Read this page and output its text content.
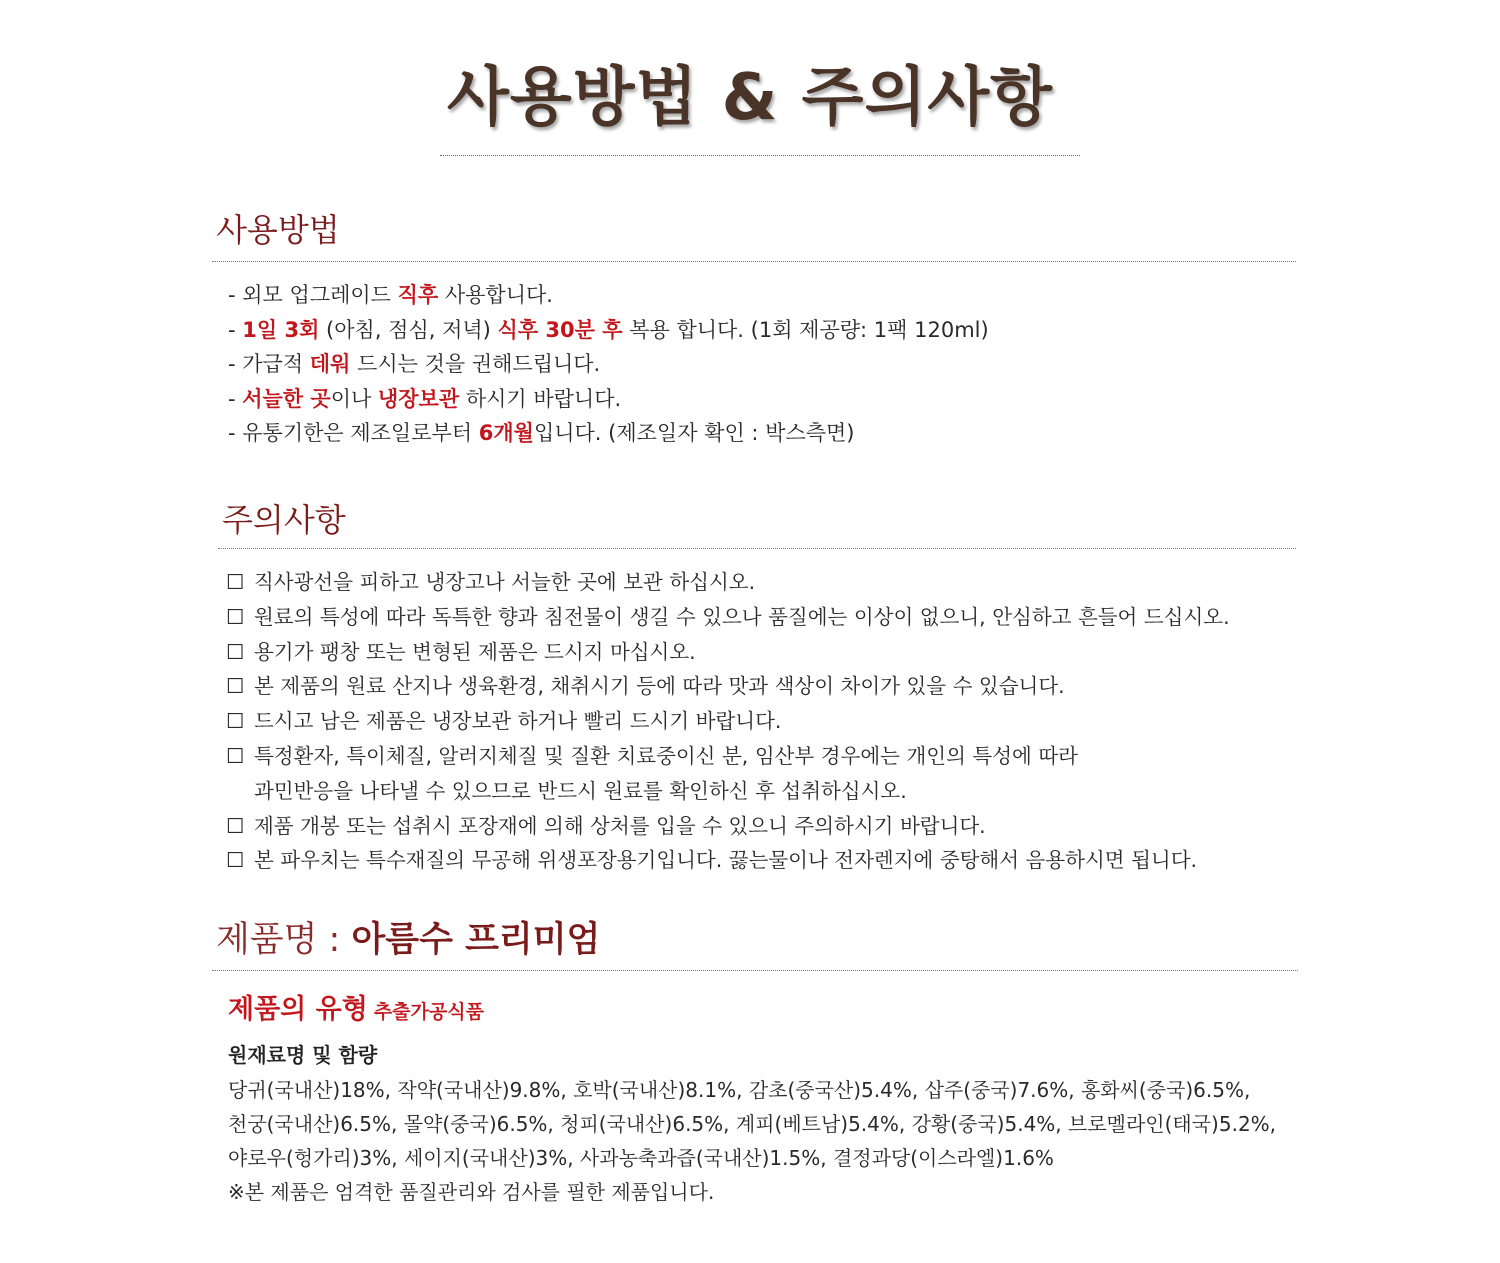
사용방법 & 주의사항
사용방법
- 외모 업그레이드 직후 사용합니다.
- 1일 3회 (아침, 점심, 저녁) 식후 30분 후 복용 합니다. (1회 제공량: 1팩 120ml)
- 가급적 데워 드시는 것을 권해드립니다.
- 서늘한 곳이나 냉장보관 하시기 바랍니다.
- 유통기한은 제조일로부터 6개월입니다. (제조일자 확인 : 박스측면)
주의사항
☐ 직사광선을 피하고 냉장고나 서늘한 곳에 보관 하십시오.
☐ 원료의 특성에 따라 독특한 향과 침전물이 생길 수 있으나 품질에는 이상이 없으니, 안심하고 흔들어 드십시오.
☐ 용기가 팽창 또는 변형된 제품은 드시지 마십시오.
☐ 본 제품의 원료 산지나 생육환경, 채취시기 등에 따라 맛과 색상이 차이가 있을 수 있습니다.
☐ 드시고 남은 제품은 냉장보관 하거나 빨리 드시기 바랍니다.
☐ 특정환자, 특이체질, 알러지체질 및 질환 치료중이신 분, 임산부 경우에는 개인의 특성에 따라
과민반응을 나타낼 수 있으므로 반드시 원료를 확인하신 후 섭취하십시오.
☐ 제품 개봉 또는 섭취시 포장재에 의해 상처를 입을 수 있으니 주의하시기 바랍니다.
☐ 본 파우치는 특수재질의 무공해 위생포장용기입니다. 끓는물이나 전자렌지에 중탕해서 음용하시면 됩니다.
제품명 : 아름수 프리미엄

제품의 유형 추출가공식품

원재료명 및 함량
당귀(국내산)18%, 작약(국내산)9.8%, 호박(국내산)8.1%, 감초(중국산)5.4%, 삽주(중국)7.6%, 홍화씨(중국)6.5%,
천궁(국내산)6.5%, 몰약(중국)6.5%, 청피(국내산)6.5%, 계피(베트남)5.4%, 강황(중국)5.4%, 브로멜라인(태국)5.2%,
야로우(헝가리)3%, 세이지(국내산)3%, 사과농축과즙(국내산)1.5%, 결정과당(이스라엘)1.6%
※본 제품은 엄격한 품질관리와 검사를 필한 제품입니다.
